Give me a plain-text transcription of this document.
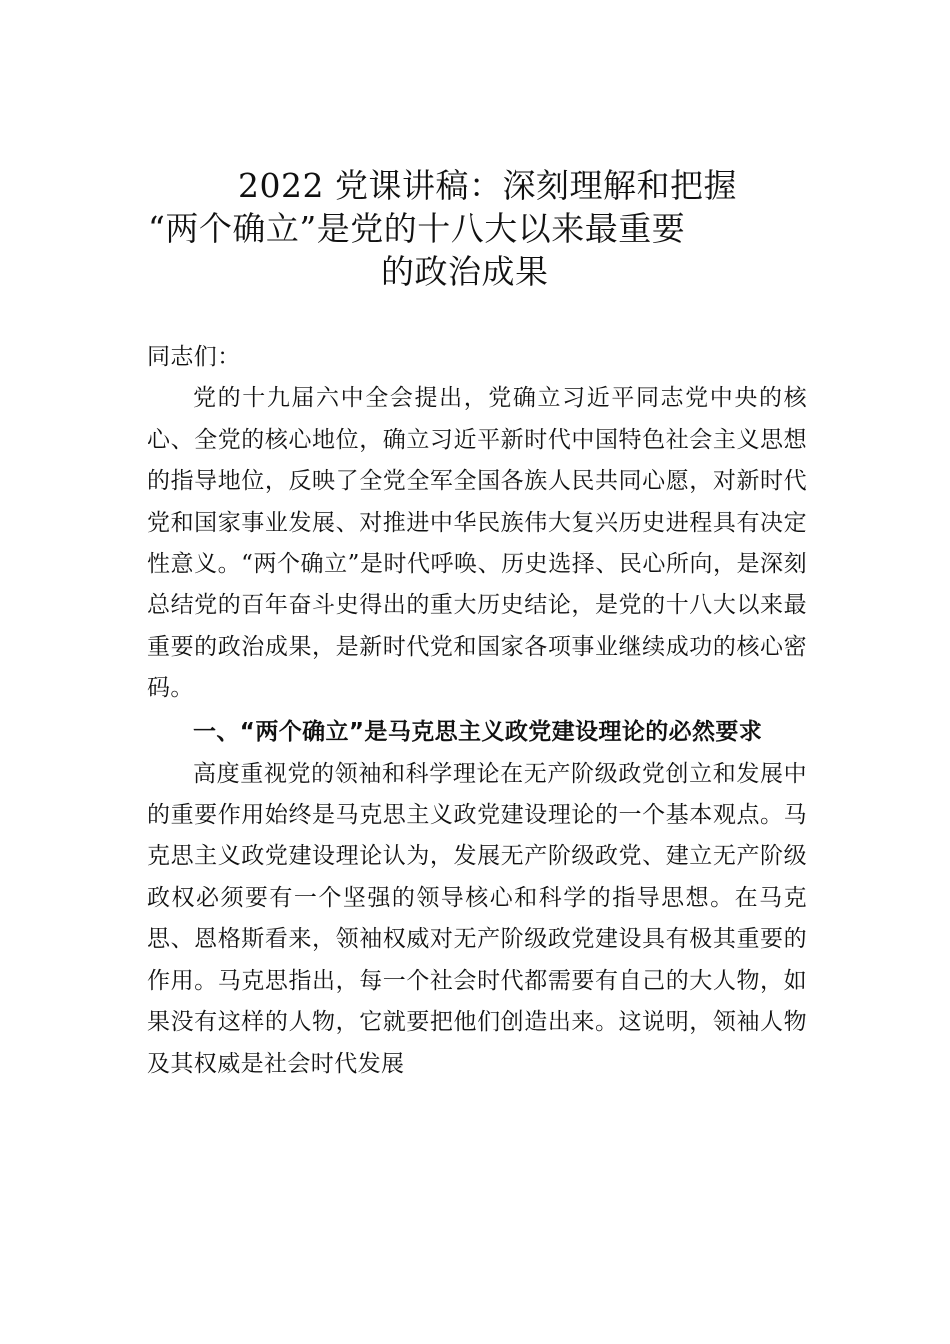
2022 党课讲稿：深刻理解和把握
“两个确立”是党的十八大以来最重要
的政治成果

同志们：

党的十九届六中全会提出，党确立习近平同志党中央的核心、全党的核心地位，确立习近平新时代中国特色社会主义思想的指导地位，反映了全党全军全国各族人民共同心愿，对新时代党和国家事业发展、对推进中华民族伟大复兴历史进程具有决定性意义。“两个确立”是时代呼唤、历史选择、民心所向，是深刻总结党的百年奋斗史得出的重大历史结论，是党的十八大以来最重要的政治成果，是新时代党和国家各项事业继续成功的核心密码。

一、“两个确立”是马克思主义政党建设理论的必然要求

高度重视党的领袖和科学理论在无产阶级政党创立和发展中的重要作用始终是马克思主义政党建设理论的一个基本观点。马克思主义政党建设理论认为，发展无产阶级政党、建立无产阶级政权必须要有一个坚强的领导核心和科学的指导思想。在马克思、恩格斯看来，领袖权威对无产阶级政党建设具有极其重要的作用。马克思指出，每一个社会时代都需要有自己的大人物，如果没有这样的人物，它就要把他们创造出来。这说明，领袖人物及其权威是社会时代发展
